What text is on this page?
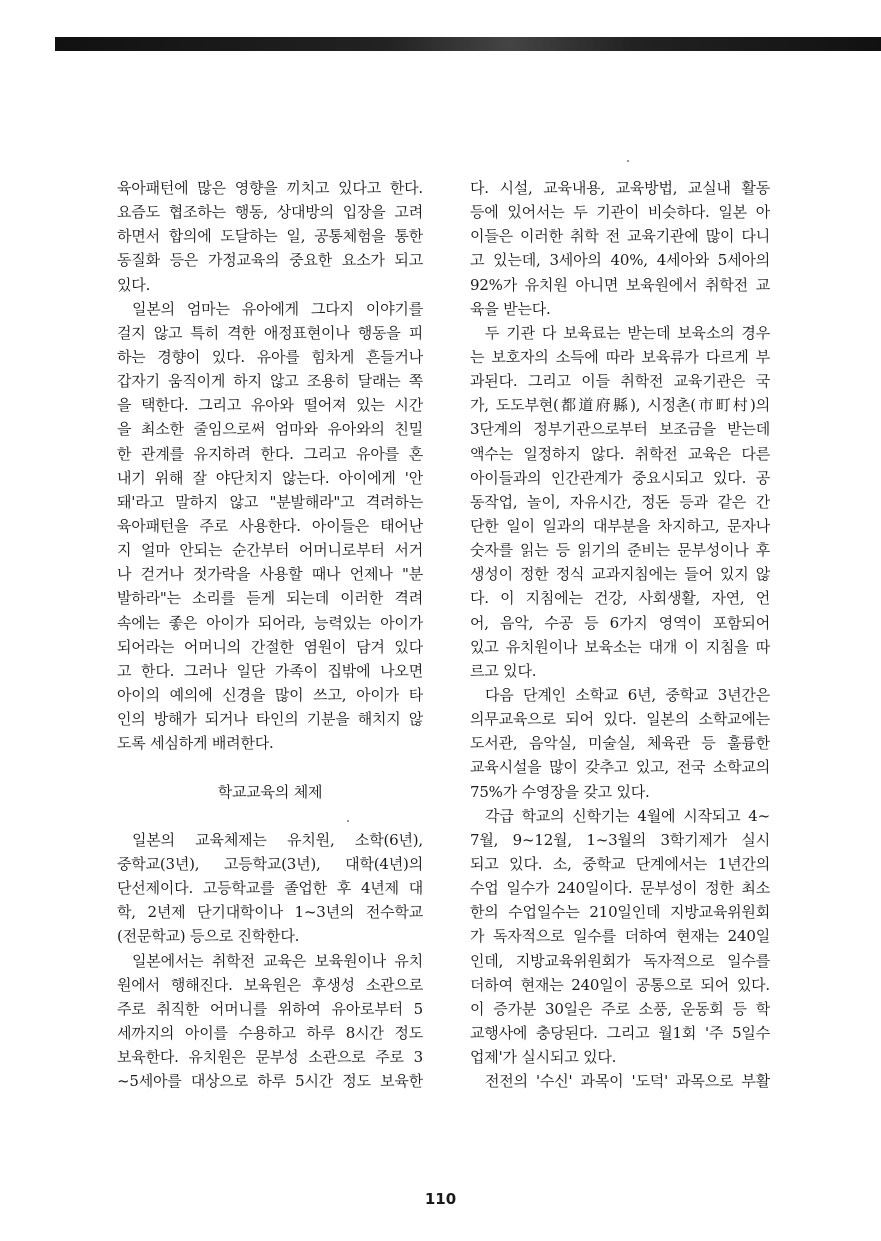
육아패턴에 많은 영향을 끼치고 있다고 한다.
요즘도 협조하는 행동, 상대방의 입장을 고려
하면서 합의에 도달하는 일, 공통체험을 통한
동질화 등은 가정교육의 중요한 요소가 되고
있다.
일본의 엄마는 유아에게 그다지 이야기를
걸지 않고 특히 격한 애정표현이나 행동을 피
하는 경향이 있다. 유아를 힘차게 흔들거나
갑자기 움직이게 하지 않고 조용히 달래는 쪽
을 택한다. 그리고 유아와 떨어져 있는 시간
을 최소한 줄임으로써 엄마와 유아와의 친밀
한 관계를 유지하려 한다. 그리고 유아를 혼
내기 위해 잘 야단치지 않는다. 아이에게 '안
돼'라고 말하지 않고 "분발해라"고 격려하는
육아패턴을 주로 사용한다. 아이들은 태어난
지 얼마 안되는 순간부터 어머니로부터 서거
나 걷거나 젓가락을 사용할 때나 언제나 "분
발하라"는 소리를 듣게 되는데 이러한 격려
속에는 좋은 아이가 되어라, 능력있는 아이가
되어라는 어머니의 간절한 염원이 담겨 있다
고 한다. 그러나 일단 가족이 집밖에 나오면
아이의 예의에 신경을 많이 쓰고, 아이가 타
인의 방해가 되거나 타인의 기분을 해치지 않
도록 세심하게 배려한다.
학교교육의 체제
일본의 교육체제는 유치원, 소학(6년),
중학교(3년), 고등학교(3년), 대학(4년)의
단선제이다. 고등학교를 졸업한 후 4년제 대
학, 2년제 단기대학이나 1~3년의 전수학교
(전문학교) 등으로 진학한다.
일본에서는 취학전 교육은 보육원이나 유치
원에서 행해진다. 보육원은 후생성 소관으로
주로 취직한 어머니를 위하여 유아로부터 5
세까지의 아이를 수용하고 하루 8시간 정도
보육한다. 유치원은 문부성 소관으로 주로 3
~5세아를 대상으로 하루 5시간 정도 보육한
다. 시설, 교육내용, 교육방법, 교실내 활동
등에 있어서는 두 기관이 비슷하다. 일본 아
이들은 이러한 취학 전 교육기관에 많이 다니
고 있는데, 3세아의 40%, 4세아와 5세아의
92%가 유치원 아니면 보육원에서 취학전 교
육을 받는다.
두 기관 다 보육료는 받는데 보육소의 경우
는 보호자의 소득에 따라 보육류가 다르게 부
과된다. 그리고 이들 취학전 교육기관은 국
가, 도도부현(都道府縣), 시정촌(市町村)의
3단계의 정부기관으로부터 보조금을 받는데
액수는 일정하지 않다. 취학전 교육은 다른
아이들과의 인간관계가 중요시되고 있다. 공
동작업, 놀이, 자유시간, 정돈 등과 같은 간
단한 일이 일과의 대부분을 차지하고, 문자나
숫자를 읽는 등 읽기의 준비는 문부성이나 후
생성이 정한 정식 교과지침에는 들어 있지 않
다. 이 지침에는 건강, 사회생활, 자연, 언
어, 음악, 수공 등 6가지 영역이 포함되어
있고 유치원이나 보육소는 대개 이 지침을 따
르고 있다.
다음 단계인 소학교 6년, 중학교 3년간은
의무교육으로 되어 있다. 일본의 소학교에는
도서관, 음악실, 미술실, 체육관 등 훌륭한
교육시설을 많이 갖추고 있고, 전국 소학교의
75%가 수영장을 갖고 있다.
각급 학교의 신학기는 4월에 시작되고 4~
7월, 9~12월, 1~3월의 3학기제가 실시
되고 있다. 소, 중학교 단계에서는 1년간의
수업 일수가 240일이다. 문부성이 정한 최소
한의 수업일수는 210일인데 지방교육위원회
가 독자적으로 일수를 더하여 현재는 240일
인데, 지방교육위원회가 독자적으로 일수를
더하여 현재는 240일이 공통으로 되어 있다.
이 증가분 30일은 주로 소풍, 운동회 등 학
교행사에 충당된다. 그리고 월1회 '주 5일수
업제'가 실시되고 있다.
전전의 '수신' 과목이 '도덕' 과목으로 부활
110
